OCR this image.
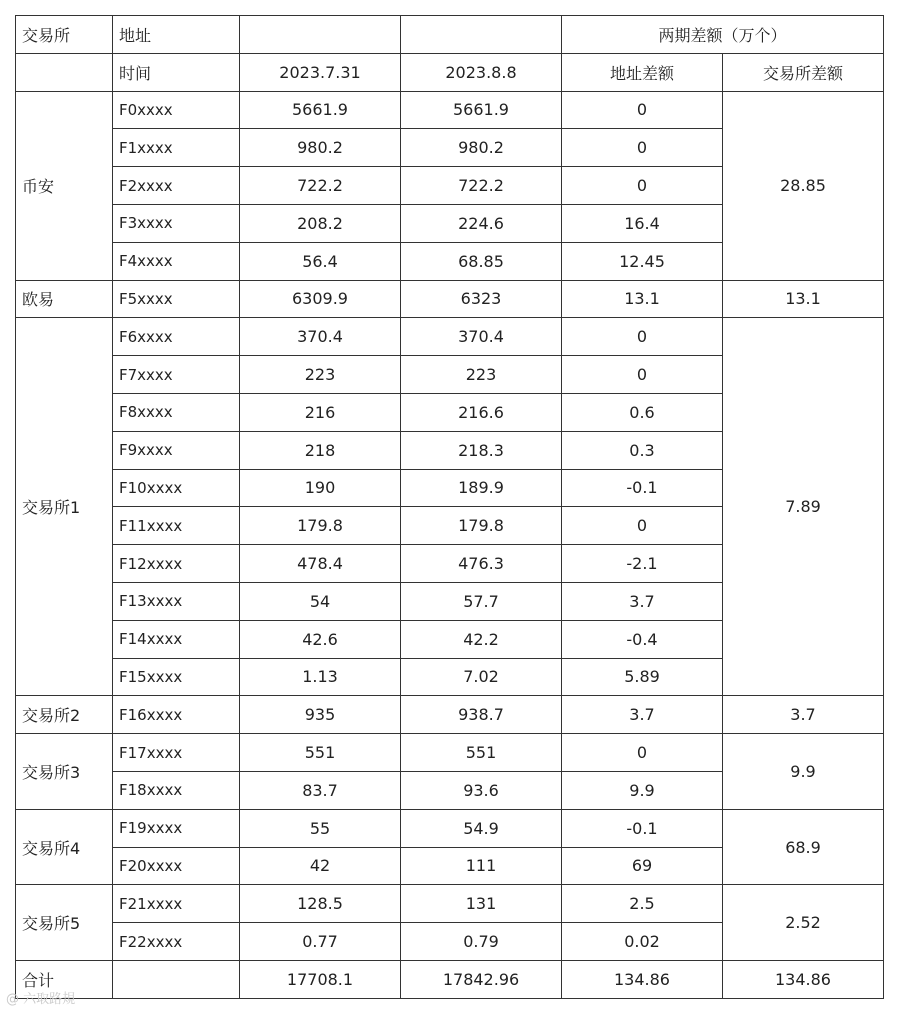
交易所	地址			两期差额（万个）	
	时间	2023.7.31	2023.8.8	地址差额	交易所差额
币安	F0xxxx	5661.9	5661.9	0	28.85
	F1xxxx	980.2	980.2	0	
	F2xxxx	722.2	722.2	0	
	F3xxxx	208.2	224.6	16.4	
	F4xxxx	56.4	68.85	12.45	
欧易	F5xxxx	6309.9	6323	13.1	13.1
交易所1	F6xxxx	370.4	370.4	0	7.89
	F7xxxx	223	223	0	
	F8xxxx	216	216.6	0.6	
	F9xxxx	218	218.3	0.3	
	F10xxxx	190	189.9	-0.1	
	F11xxxx	179.8	179.8	0	
	F12xxxx	478.4	476.3	-2.1	
	F13xxxx	54	57.7	3.7	
	F14xxxx	42.6	42.2	-0.4	
	F15xxxx	1.13	7.02	5.89	
交易所2	F16xxxx	935	938.7	3.7	3.7
交易所3	F17xxxx	551	551	0	9.9
	F18xxxx	83.7	93.6	9.9	
交易所4	F19xxxx	55	54.9	-0.1	68.9
	F20xxxx	42	111	69	
交易所5	F21xxxx	128.5	131	2.5	2.52
	F22xxxx	0.77	0.79	0.02	
合计		17708.1	17842.96	134.86	134.86
@ 六取路規
